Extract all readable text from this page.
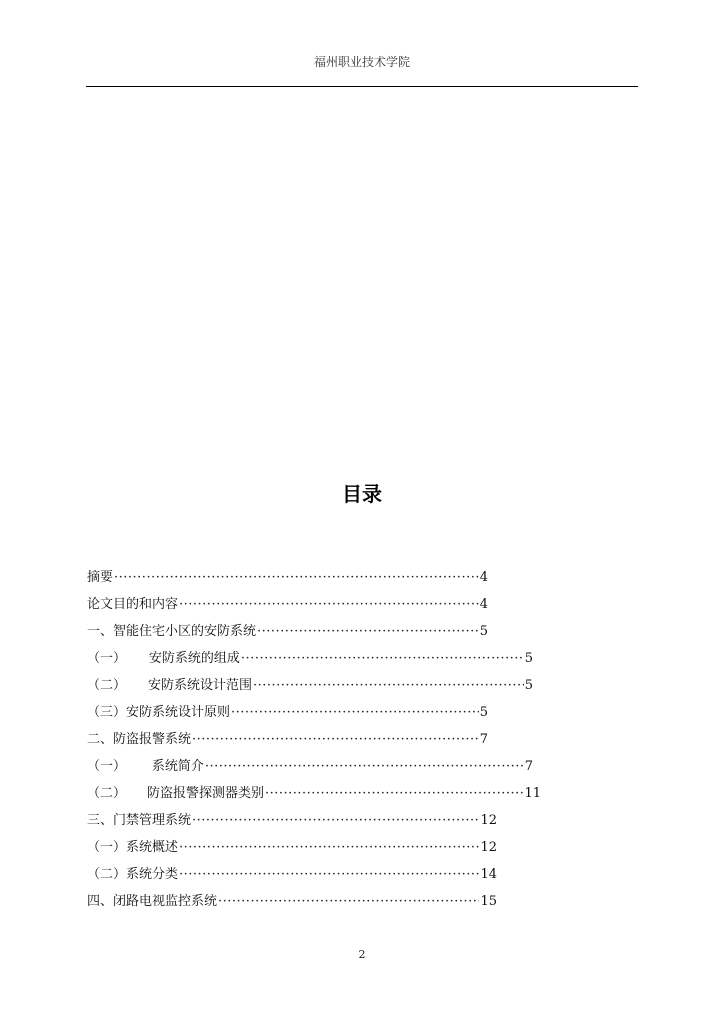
福州职业技术学院
目录
摘要 ·····	4
论文目的和内容 ·····	4
一、智能住宅小区的安防系统 ·····	5
（一） 安防系统的组成 ·····	5
（二） 安防系统设计范围 ·····	5
（三）安防系统设计原则 ·····	5
二、防盗报警系统 ·····	7
（一） 系统简介 ·····	7
（二） 防盗报警探测器类别 ·····	11
三、门禁管理系统 ·····	12
（一）系统概述 ·····	12
（二）系统分类 ·····	14
四、闭路电视监控系统 ·····	15
2
